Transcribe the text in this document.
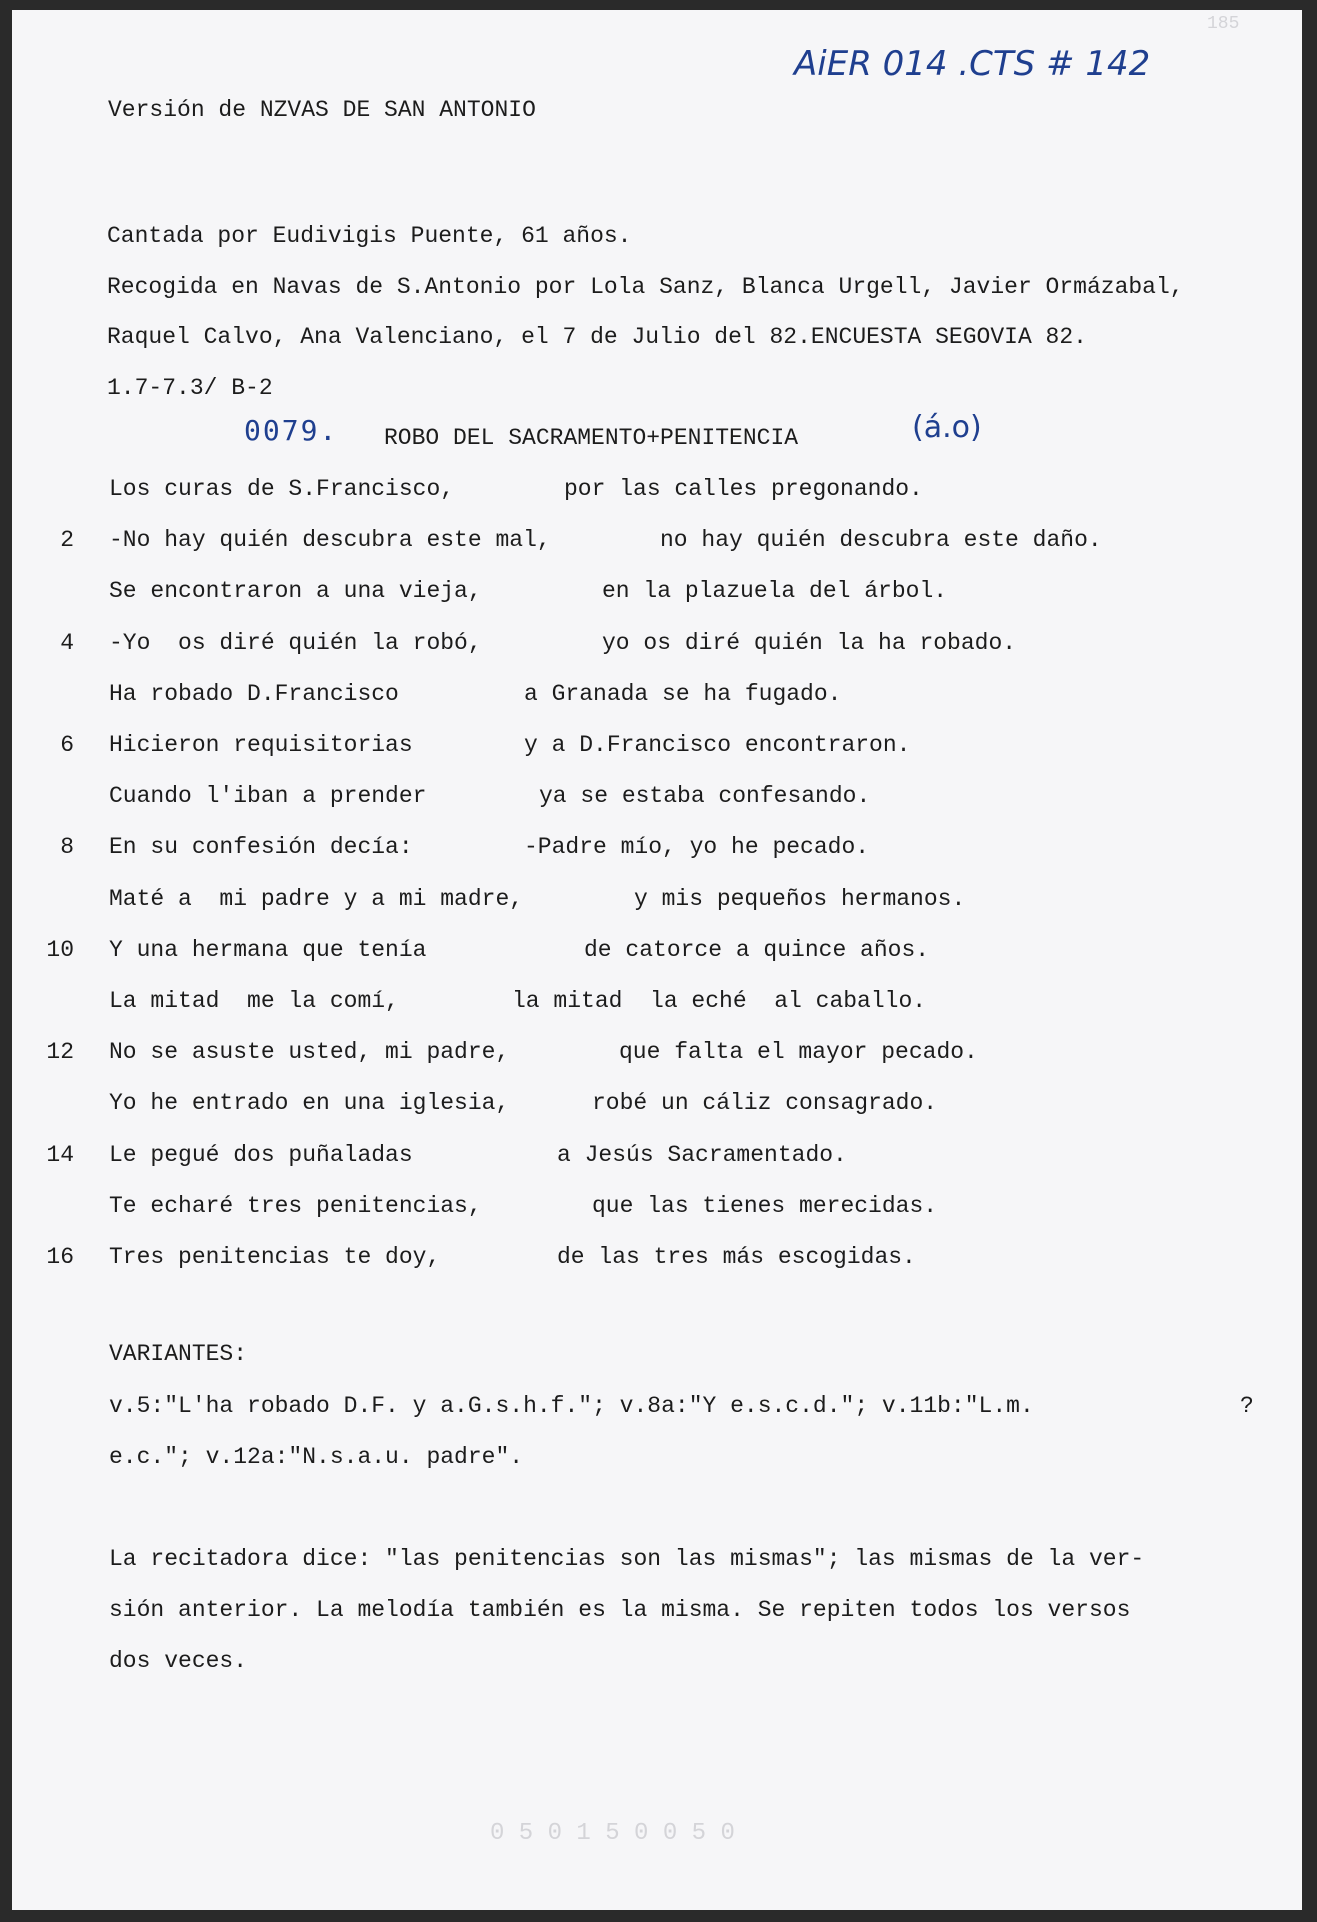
AiER 014 .CTS # 142
185
Versión de NZVAS DE SAN ANTONIO
Cantada por Eudivigis Puente, 61 años.
Recogida en Navas de S.Antonio por Lola Sanz, Blanca Urgell, Javier Ormázabal,
Raquel Calvo, Ana Valenciano, el 7 de Julio del 82.ENCUESTA SEGOVIA 82.
1.7-7.3/ B-2
0079. ROBO DEL SACRAMENTO+PENITENCIA	(á.o)
Los curas de S.Francisco,	por las calles pregonando.
2 -No hay quién descubra este mal,	no hay quién descubra este daño.
Se encontraron a una vieja,	en la plazuela del árbol.
4 -Yo  os diré quién la robó,	yo os diré quién la ha robado.
Ha robado D.Francisco	a Granada se ha fugado.
6 Hicieron requisitorias	y a D.Francisco encontraron.
Cuando l'iban a prender	ya se estaba confesando.
8 En su confesión decía:	-Padre mío, yo he pecado.
Maté a  mi padre y a mi madre,	y mis pequeños hermanos.
10 Y una hermana que tenía	de catorce a quince años.
La mitad  me la comí,	la mitad  la eché  al caballo.
12 No se asuste usted, mi padre,	que falta el mayor pecado.
Yo he entrado en una iglesia,	robé un cáliz consagrado.
14 Le pegué dos puñaladas	a Jesús Sacramentado.
Te echaré tres penitencias,	que las tienes merecidas.
16 Tres penitencias te doy,	de las tres más escogidas.
VARIANTES:
v.5:"L'ha robado D.F. y a.G.s.h.f."; v.8a:"Y e.s.c.d."; v.11b:"L.m.	?
e.c."; v.12a:"N.s.a.u. padre".
La recitadora dice: "las penitencias son las mismas"; las mismas de la ver-
sión anterior. La melodía también es la misma. Se repiten todos los versos
dos veces.
0 5 0 1 5 0 0 5 0
